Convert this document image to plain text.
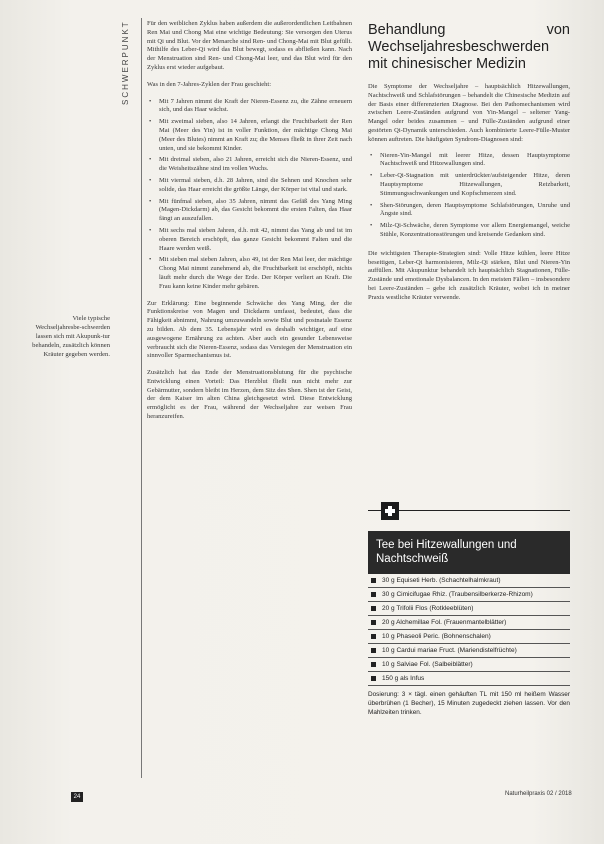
SCHWERPUNKT
Viele typische Wechseljahresbe-schwerden lassen sich mit Akupunk-tur behandeln, zusätzlich können Kräuter gegeben werden.

Für den weiblichen Zyklus haben außerdem die außerordentlichen Leitbahnen Ren Mai und Chong Mai eine wichtige Bedeutung: Sie versorgen den Uterus mit Qi und Blut. Vor der Menarche sind Ren- und Chong-Mai mit Blut gefüllt. Mithilfe des Leber-Qi wird das Blut bewegt, sodass es abfließen kann. Nach der Menstruation sind Ren- und Chong-Mai leer, und das Blut wird für den Zyklus erst wieder aufgebaut.

Was in den 7-Jahres-Zyklen der Frau geschieht:

• Mit 7 Jahren nimmt die Kraft der Nieren-Essenz zu, die Zähne erneuern sich, und das Haar wächst.
• Mit zweimal sieben, also 14 Jahren, erlangt die Fruchtbarkeit der Ren Mai (Meer des Yin) ist in voller Funktion, der mächtige Chong Mai (Meer des Blutes) nimmt an Kraft zu; die Menses fließt in ihrer Zeit nach unten, und sie bekommt Kinder.
• Mit dreimal sieben, also 21 Jahren, erreicht sich die Nieren-Essenz, und die Weisheitszähne sind im vollen Wuchs.
• Mit viermal sieben, d.h. 28 Jahren, sind die Sehnen und Knochen sehr solide, das Haar erreicht die größte Länge, der Körper ist vital und stark.
• Mit fünfmal sieben, also 35 Jahren, nimmt das Gefäß des Yang Ming (Magen-Dickdarm) ab, das Gesicht bekommt die ersten Falten, das Haar fängt an auszufallen.
• Mit sechs mal sieben Jahren, d.h. mit 42, nimmt das Yang ab und ist im oberen Bereich erschöpft, das ganze Gesicht bekommt Falten und die Haare werden weiß.
• Mit sieben mal sieben Jahren, also 49, ist der Ren Mai leer, der mächtige Chong Mai nimmt zunehmend ab, die Fruchtbarkeit ist erschöpft, nichts läuft mehr durch die Wege der Erde. Der Körper verliert an Kraft. Die Frau kann keine Kinder mehr gebären.

Zur Erklärung: Eine beginnende Schwäche des Yang Ming, der die Funktionskreise von Magen und Dickdarm umfasst, bedeutet, dass die Fähigkeit abnimmt, Nahrung umzuwandeln sowie Blut und postnatale Essenz zu bilden. Ab dem 35. Lebensjahr wird es deshalb wichtiger, auf eine ausgewogene Ernährung zu achten. Aber auch ein gesunder Lebensweise verbraucht sich die Nieren-Essenz, sodass das Versiegen der Menstruation ein sinnvoller Sparmechanismus ist.

Zusätzlich hat das Ende der Menstruationsblutung für die psychische Entwicklung einen Vorteil: Das Herzblut fließt nun nicht mehr zur Gebärmutter, sondern bleibt im Herzen, dem Sitz des Shen. Shen ist der Geist, der dem Kaiser im alten China gleichgesetzt wird. Diese Entwicklung ermöglicht es der Frau, während der Wechseljahre zur weisen Frau heranzureifen.

Behandlung von Wechseljahresbeschwerden mit chinesischer Medizin

Die Symptome der Wechseljahre – hauptsächlich Hitzewallungen, Nachtschweiß und Schlafstörungen – behandelt die Chinesische Medizin auf der Basis einer differenzierten Diagnose. Bei den Pathomechanismen wird zwischen Leere-Zuständen aufgrund von Yin-Mangel – seltener Yang-Mangel oder beides zusammen – und Fülle-Zuständen aufgrund einer gestörten Qi-Dynamik unterschieden. Auch kombinierte Leere-Fülle-Muster können auftreten. Die häufigsten Syndrom-Diagnosen sind:

• Nieren-Yin-Mangel mit leerer Hitze, dessen Hauptsymptome Nachtschweiß und Hitzewallungen sind.
• Leber-Qi-Stagnation mit unterdrückter/aufsteigender Hitze, deren Hauptsymptome Hitzewallungen, Reizbarkeit, Stimmungsschwankungen und Kopfschmerzen sind.
• Shen-Störungen, deren Hauptsymptome Schlafstörungen, Unruhe und Ängste sind.
• Milz-Qi-Schwäche, deren Symptome vor allem Energiemangel, weiche Stühle, Konzentrationsstörungen und kreisende Gedanken sind.

Die wichtigsten Therapie-Strategien sind: Volle Hitze kühlen, leere Hitze beseitigen, Leber-Qi harmonisieren, Milz-Qi stärken, Blut und Nieren-Yin auffüllen. Mit Akupunktur behandelt ich hauptsächlich Stagnationen, Fülle-Zustände und emotionale Dysbalancen. In den meisten Fällen – insbesondere bei Leere-Zuständen – gebe ich zusätzlich Kräuter, wobei ich in meiner Praxis westliche Kräuter verwende.

Tee bei Hitzewallungen und Nachtschweiß
30 g Equiseti Herb. (Schachtelhalmkraut)
30 g Cimicifugae Rhiz. (Traubensilberkerze-Rhizom)
20 g Trifolii Flos (Rotkleeblüten)
20 g Alchemillae Fol. (Frauenmantelblätter)
10 g Phaseoli Peric. (Bohnenschalen)
10 g Cardui mariae Fruct. (Mariendistelfrüchte)
10 g Salviae Fol. (Salbeiblätter)
150 g als Infus
Dosierung: 3 × tägl. einen gehäuften TL mit 150 ml heißem Wasser überbrühen (1 Becher), 15 Minuten zugedeckt ziehen lassen. Vor den Mahlzeiten trinken.
24	Naturheilpraxis 02 / 2018
